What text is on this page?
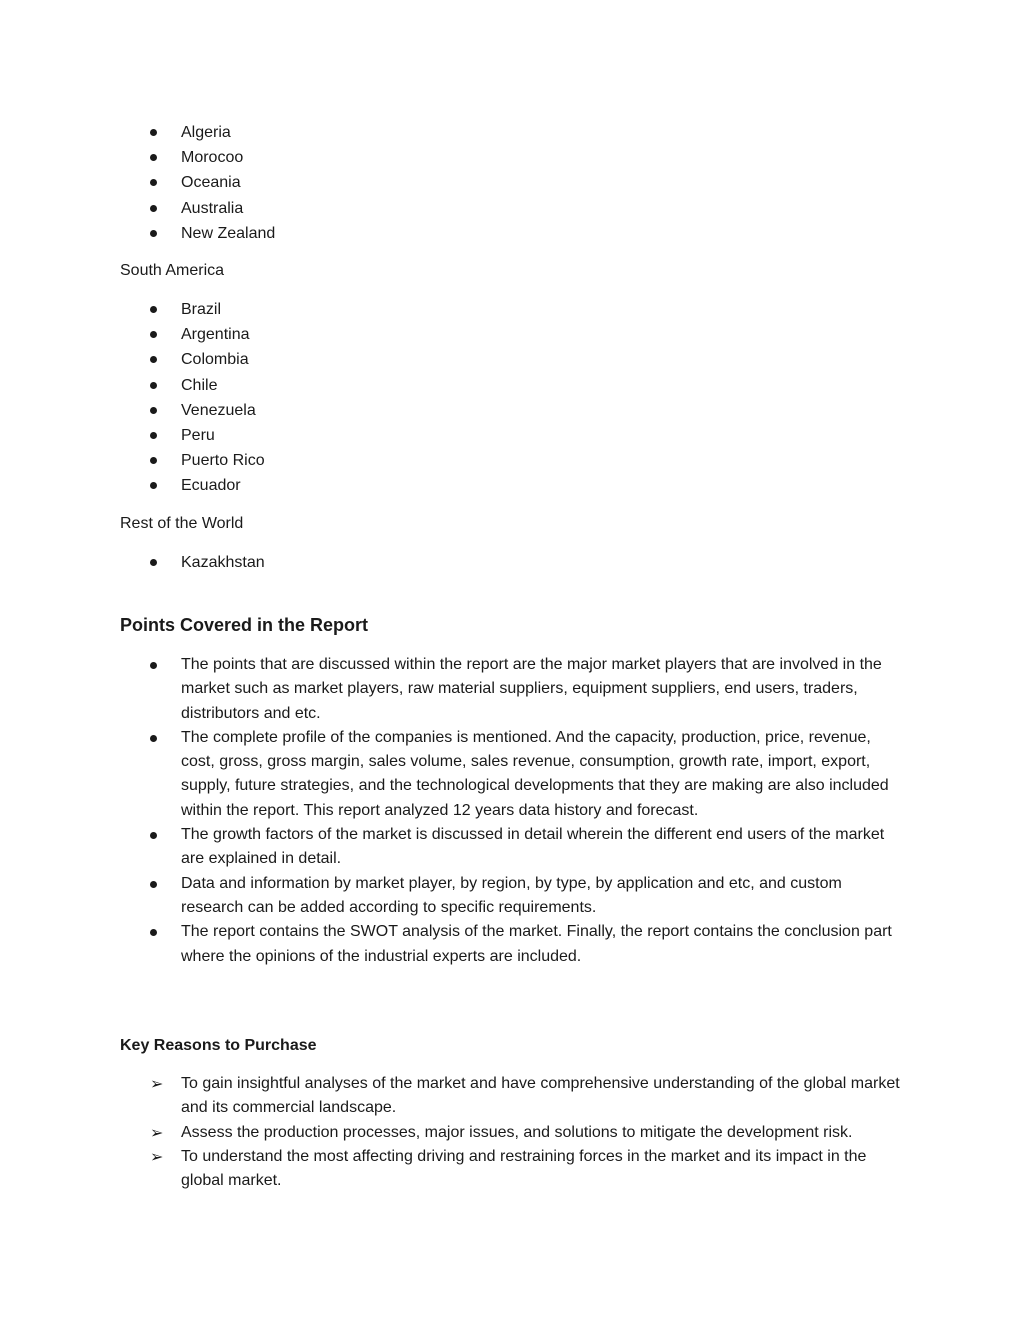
Algeria
Morocoo
Oceania
Australia
New Zealand
South America
Brazil
Argentina
Colombia
Chile
Venezuela
Peru
Puerto Rico
Ecuador
Rest of the World
Kazakhstan
Points Covered in the Report
The points that are discussed within the report are the major market players that are involved in the market such as market players, raw material suppliers, equipment suppliers, end users, traders, distributors and etc.
The complete profile of the companies is mentioned. And the capacity, production, price, revenue, cost, gross, gross margin, sales volume, sales revenue, consumption, growth rate, import, export, supply, future strategies, and the technological developments that they are making are also included within the report. This report analyzed 12 years data history and forecast.
The growth factors of the market is discussed in detail wherein the different end users of the market are explained in detail.
Data and information by market player, by region, by type, by application and etc, and custom research can be added according to specific requirements.
The report contains the SWOT analysis of the market. Finally, the report contains the conclusion part where the opinions of the industrial experts are included.
Key Reasons to Purchase
➢ To gain insightful analyses of the market and have comprehensive understanding of the global market and its commercial landscape.
➢ Assess the production processes, major issues, and solutions to mitigate the development risk.
➢ To understand the most affecting driving and restraining forces in the market and its impact in the global market.
